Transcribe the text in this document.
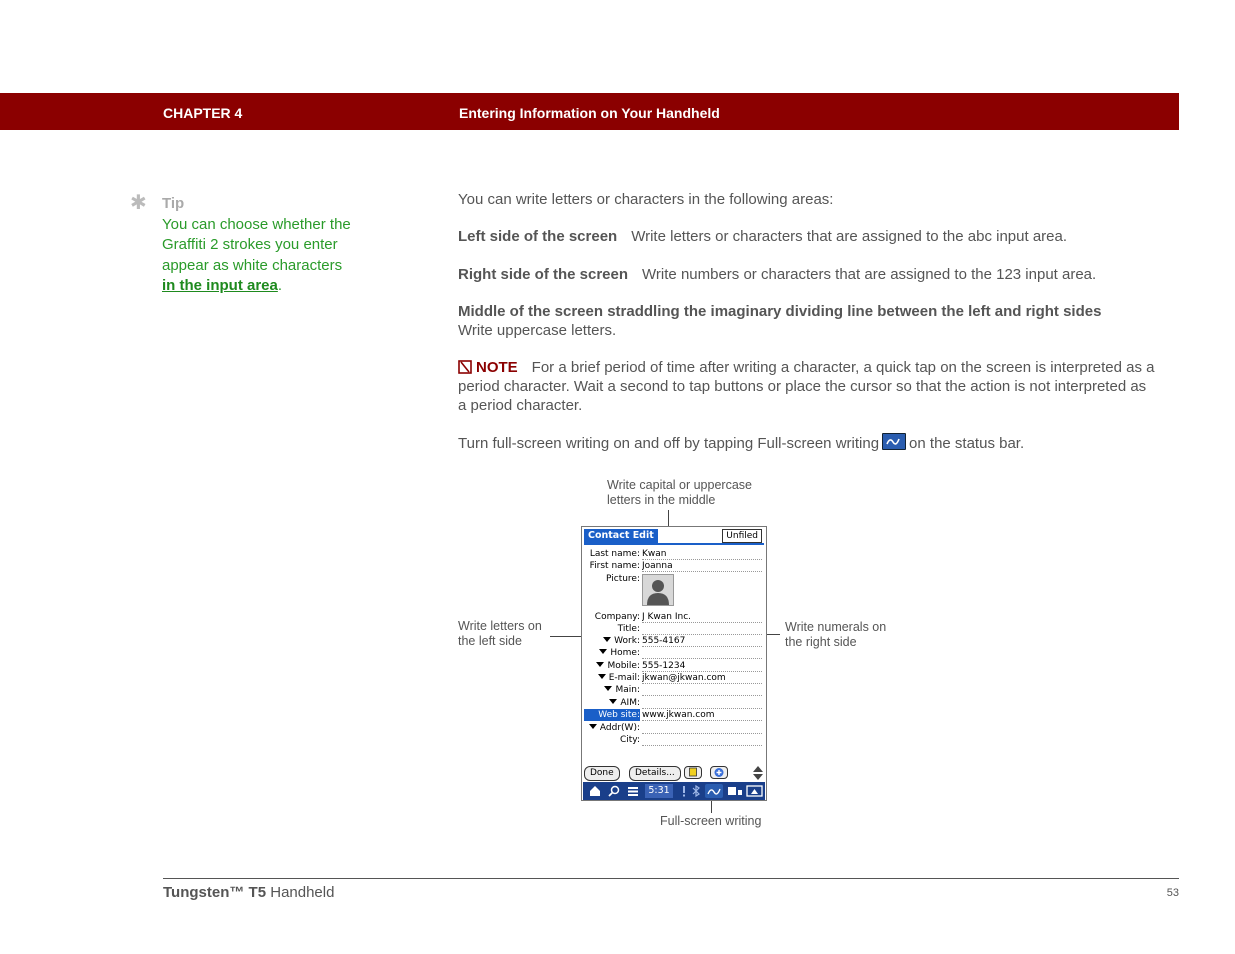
CHAPTER 4	Entering Information on Your Handheld
✱ Tip
You can choose whether the Graffiti 2 strokes you enter appear as white characters in the input area.
You can write letters or characters in the following areas:
Left side of the screen Write letters or characters that are assigned to the abc input area.
Right side of the screen Write numbers or characters that are assigned to the 123 input area.
Middle of the screen straddling the imaginary dividing line between the left and right sides
Write uppercase letters.
NOTE For a brief period of time after writing a character, a quick tap on the screen is interpreted as a period character. Wait a second to tap buttons or place the cursor so that the action is not interpreted as a period character.
Turn full-screen writing on and off by tapping Full-screen writing on the status bar.
Write capital or uppercase letters in the middle
Write letters on the left side
Write numerals on the right side
Full-screen writing
Contact Edit	Unfiled
Last name: Kwan
First name: Joanna
Picture:
Company: J Kwan Inc.
Title:
Work: 555-4167
Home:
Mobile: 555-1234
E-mail: jkwan@jkwan.com
Main:
AIM:
Web site: www.jkwan.com
Addr(W):
City:
Done	Details...
5:31
Tungsten™ T5 Handheld	53
